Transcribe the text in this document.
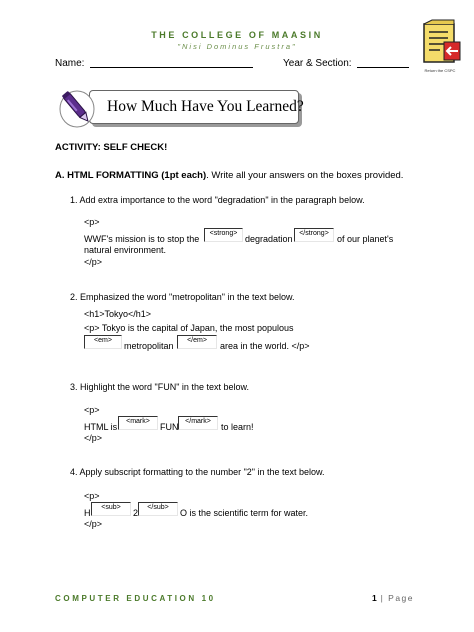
THE COLLEGE OF MAASIN
"Nisi Dominus Frustra"
Return the CSPC
Name:	Year & Section:
How Much Have You Learned?
ACTIVITY: SELF CHECK!
A. HTML FORMATTING (1pt each). Write all your answers on the boxes provided.
1. Add extra importance to the word "degradation" in the paragraph below.
<p>
WWF's mission is to stop the
<strong>
degradation
</strong>
of our planet's
natural environment.
</p>
2. Emphasized the word "metropolitan" in the text below.
<h1>Tokyo</h1>
<p> Tokyo is the capital of Japan, the most populous
<em>
metropolitan
</em>
area in the world. </p>
3. Highlight the word "FUN" in the text below.
<p>
HTML is
<mark>
FUN
</mark>
to learn!
</p>
4. Apply subscript formatting to the number "2" in the text below.
<p>
H
<sub>
2
</sub>
O is the scientific term for water.
</p>
COMPUTER EDUCATION 10	1 | Page
